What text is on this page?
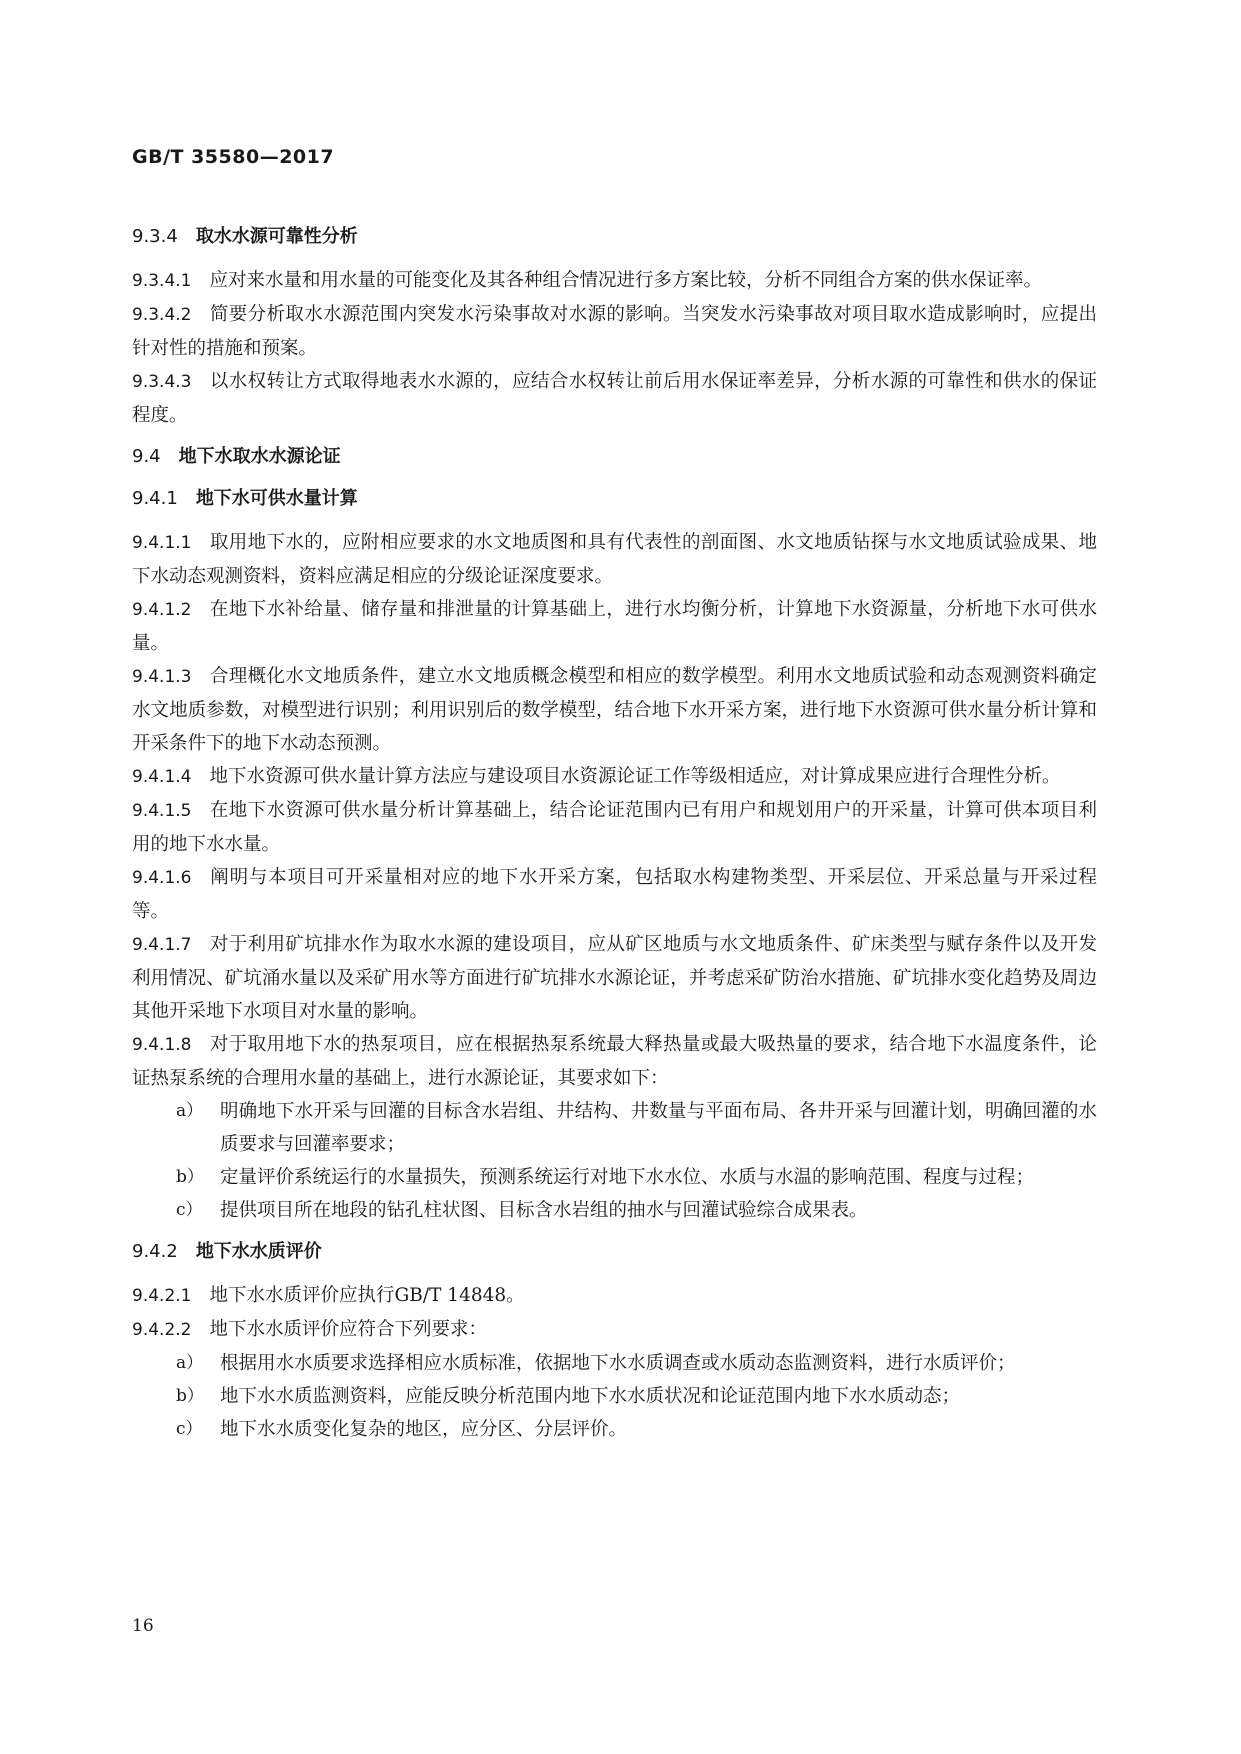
GB/T 35580—2017
9.3.4 取水水源可靠性分析

9.3.4.1 应对来水量和用水量的可能变化及其各种组合情况进行多方案比较，分析不同组合方案的供水保证率。

9.3.4.2 简要分析取水水源范围内突发水污染事故对水源的影响。当突发水污染事故对项目取水造成影响时，应提出针对性的措施和预案。

9.3.4.3 以水权转让方式取得地表水水源的，应结合水权转让前后用水保证率差异，分析水源的可靠性和供水的保证程度。

9.4 地下水取水水源论证
9.4.1 地下水可供水量计算

9.4.1.1 取用地下水的，应附相应要求的水文地质图和具有代表性的剖面图、水文地质钻探与水文地质试验成果、地下水动态观测资料，资料应满足相应的分级论证深度要求。

9.4.1.2 在地下水补给量、储存量和排泄量的计算基础上，进行水均衡分析，计算地下水资源量，分析地下水可供水量。

9.4.1.3 合理概化水文地质条件，建立水文地质概念模型和相应的数学模型。利用水文地质试验和动态观测资料确定水文地质参数，对模型进行识别；利用识别后的数学模型，结合地下水开采方案，进行地下水资源可供水量分析计算和开采条件下的地下水动态预测。

9.4.1.4 地下水资源可供水量计算方法应与建设项目水资源论证工作等级相适应，对计算成果应进行合理性分析。

9.4.1.5 在地下水资源可供水量分析计算基础上，结合论证范围内已有用户和规划用户的开采量，计算可供本项目利用的地下水水量。

9.4.1.6 阐明与本项目可开采量相对应的地下水开采方案，包括取水构建物类型、开采层位、开采总量与开采过程等。

9.4.1.7 对于利用矿坑排水作为取水水源的建设项目，应从矿区地质与水文地质条件、矿床类型与赋存条件以及开发利用情况、矿坑涌水量以及采矿用水等方面进行矿坑排水水源论证，并考虑采矿防治水措施、矿坑排水变化趋势及周边其他开采地下水项目对水量的影响。

9.4.1.8 对于取用地下水的热泵项目，应在根据热泵系统最大释热量或最大吸热量的要求，结合地下水温度条件，论证热泵系统的合理用水量的基础上，进行水源论证，其要求如下：

a） 明确地下水开采与回灌的目标含水岩组、井结构、井数量与平面布局、各井开采与回灌计划，明确回灌的水质要求与回灌率要求；

b） 定量评价系统运行的水量损失，预测系统运行对地下水水位、水质与水温的影响范围、程度与过程；

c） 提供项目所在地段的钻孔柱状图、目标含水岩组的抽水与回灌试验综合成果表。

9.4.2 地下水水质评价

9.4.2.1 地下水水质评价应执行GB/T 14848。

9.4.2.2 地下水水质评价应符合下列要求：

a） 根据用水水质要求选择相应水质标准，依据地下水水质调查或水质动态监测资料，进行水质评价；

b） 地下水水质监测资料，应能反映分析范围内地下水水质状况和论证范围内地下水水质动态；

c） 地下水水质变化复杂的地区，应分区、分层评价。

16
